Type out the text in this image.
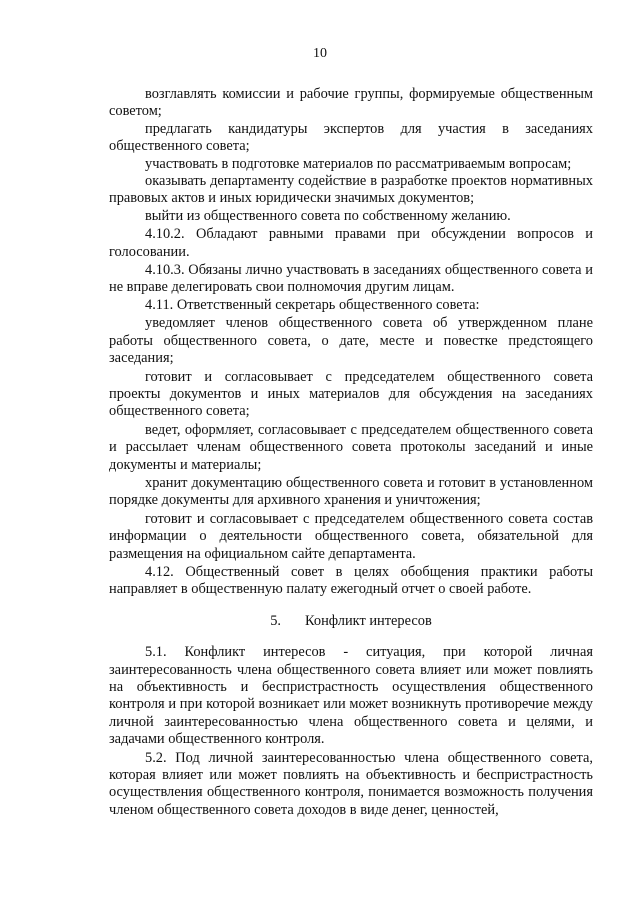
10

возглавлять комиссии и рабочие группы, формируемые общественным советом;

предлагать кандидатуры экспертов для участия в заседаниях общественного совета;

участвовать в подготовке материалов по рассматриваемым вопросам;

оказывать департаменту содействие в разработке проектов нормативных правовых актов и иных юридически значимых документов;

выйти из общественного совета по собственному желанию.

4.10.2. Обладают равными правами при обсуждении вопросов и голосовании.

4.10.3. Обязаны лично участвовать в заседаниях общественного совета и не вправе делегировать свои полномочия другим лицам.

4.11. Ответственный секретарь общественного совета:

уведомляет членов общественного совета об утвержденном плане работы общественного совета, о дате, месте и повестке предстоящего заседания;

готовит и согласовывает с председателем общественного совета проекты документов и иных материалов для обсуждения на заседаниях общественного совета;

ведет, оформляет, согласовывает с председателем общественного совета и рассылает членам общественного совета протоколы заседаний и иные документы и материалы;

хранит документацию общественного совета и готовит в установленном порядке документы для архивного хранения и уничтожения;

готовит и согласовывает с председателем общественного совета состав информации о деятельности общественного совета, обязательной для размещения на официальном сайте департамента.

4.12. Общественный совет в целях обобщения практики работы направляет в общественную палату ежегодный отчет о своей работе.

5. Конфликт интересов

5.1. Конфликт интересов - ситуация, при которой личная заинтересованность члена общественного совета влияет или может повлиять на объективность и беспристрастность осуществления общественного контроля и при которой возникает или может возникнуть противоречие между личной заинтересованностью члена общественного совета и целями, и задачами общественного контроля.

5.2. Под личной заинтересованностью члена общественного совета, которая влияет или может повлиять на объективность и беспристрастность осуществления общественного контроля, понимается возможность получения членом общественного совета доходов в виде денег, ценностей,
